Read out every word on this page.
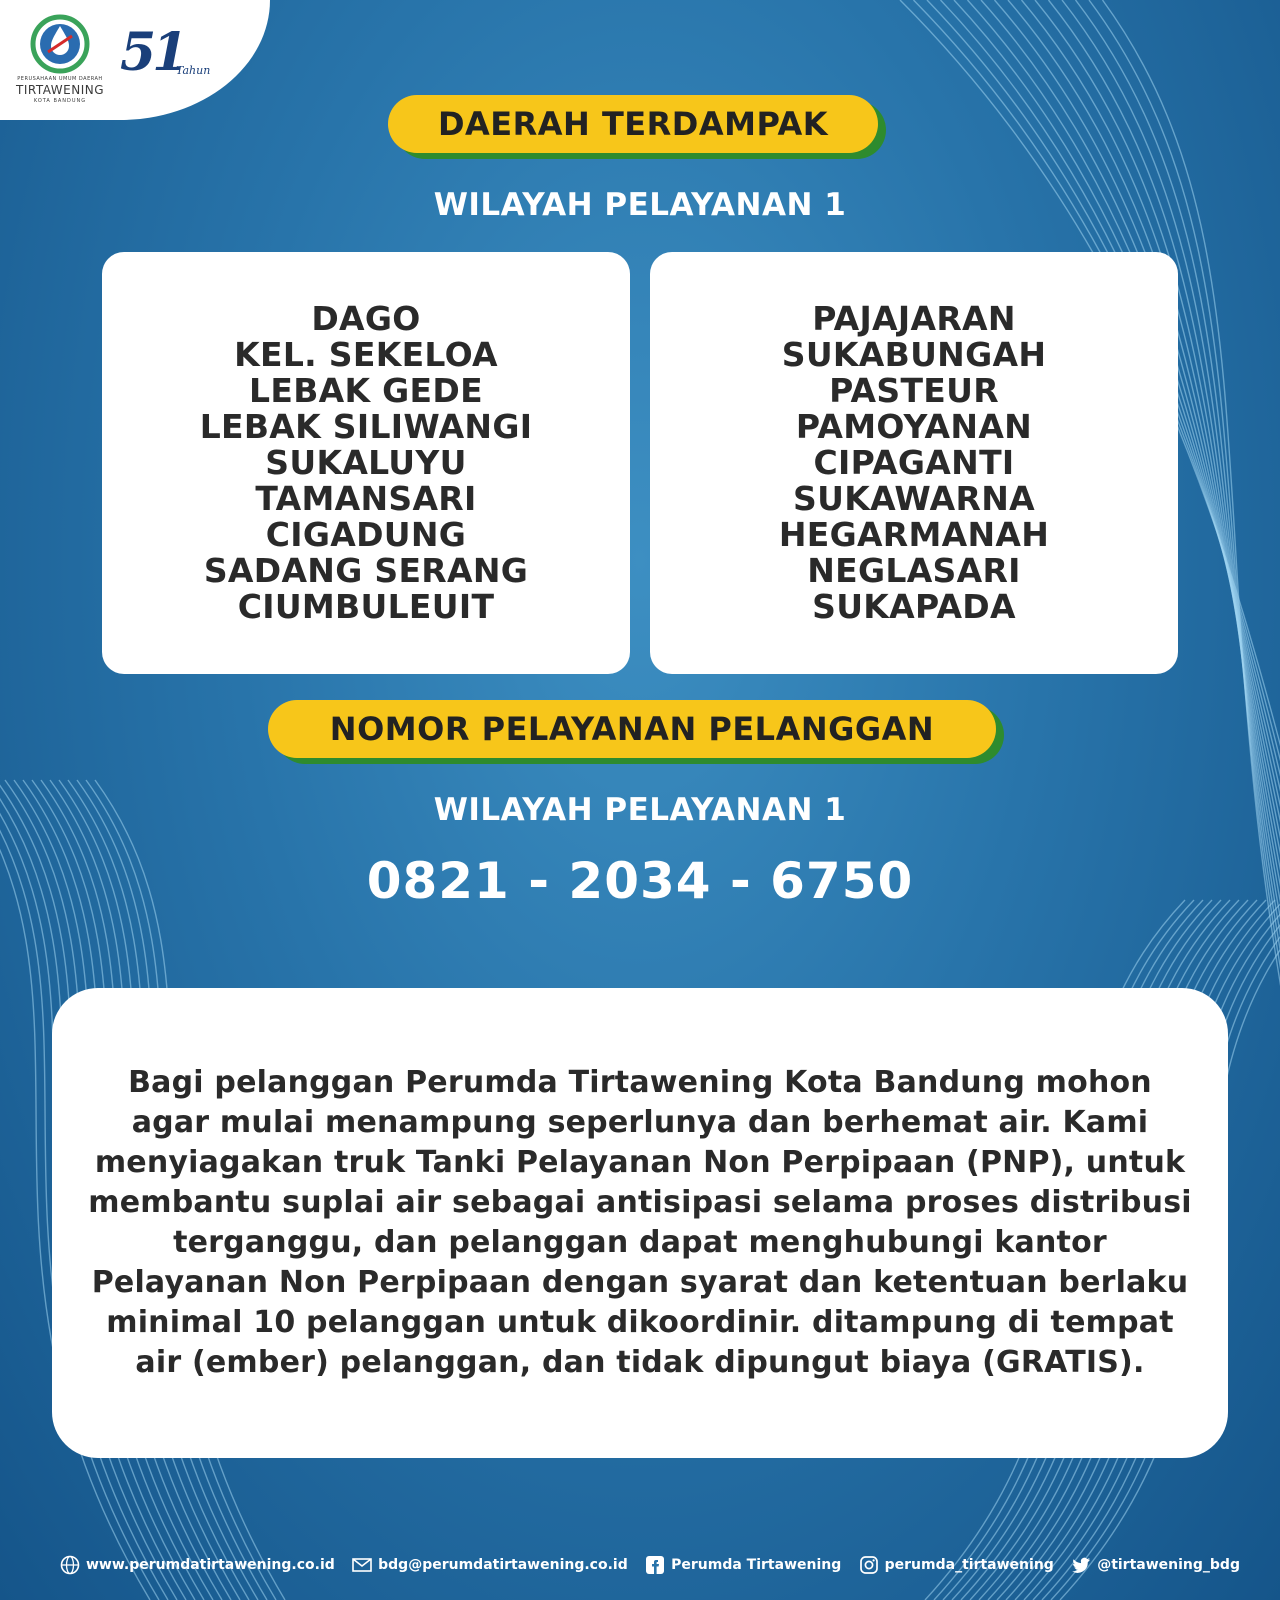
PERUSAHAAN UMUM DAERAH
TIRTAWENING
KOTA BANDUNG
51
Tahun
DAERAH TERDAMPAK
WILAYAH PELAYANAN 1
DAGO
KEL. SEKELOA
LEBAK GEDE
LEBAK SILIWANGI
SUKALUYU
TAMANSARI
CIGADUNG
SADANG SERANG
CIUMBULEUIT
PAJAJARAN
SUKABUNGAH
PASTEUR
PAMOYANAN
CIPAGANTI
SUKAWARNA
HEGARMANAH
NEGLASARI
SUKAPADA
NOMOR PELAYANAN PELANGGAN
WILAYAH PELAYANAN 1
0821 - 2034 - 6750

Bagi pelanggan Perumda Tirtawening Kota Bandung mohon agar mulai menampung seperlunya dan berhemat air. Kami menyiagakan truk Tanki Pelayanan Non Perpipaan (PNP), untuk membantu suplai air sebagai antisipasi selama proses distribusi terganggu, dan pelanggan dapat menghubungi kantor Pelayanan Non Perpipaan dengan syarat dan ketentuan berlaku minimal 10 pelanggan untuk dikoordinir. ditampung di tempat air (ember) pelanggan, dan tidak dipungut biaya (GRATIS).

www.perumdatirtawening.co.id	bdg@perumdatirtawening.co.id	Perumda Tirtawening	perumda_tirtawening	@tirtawening_bdg
